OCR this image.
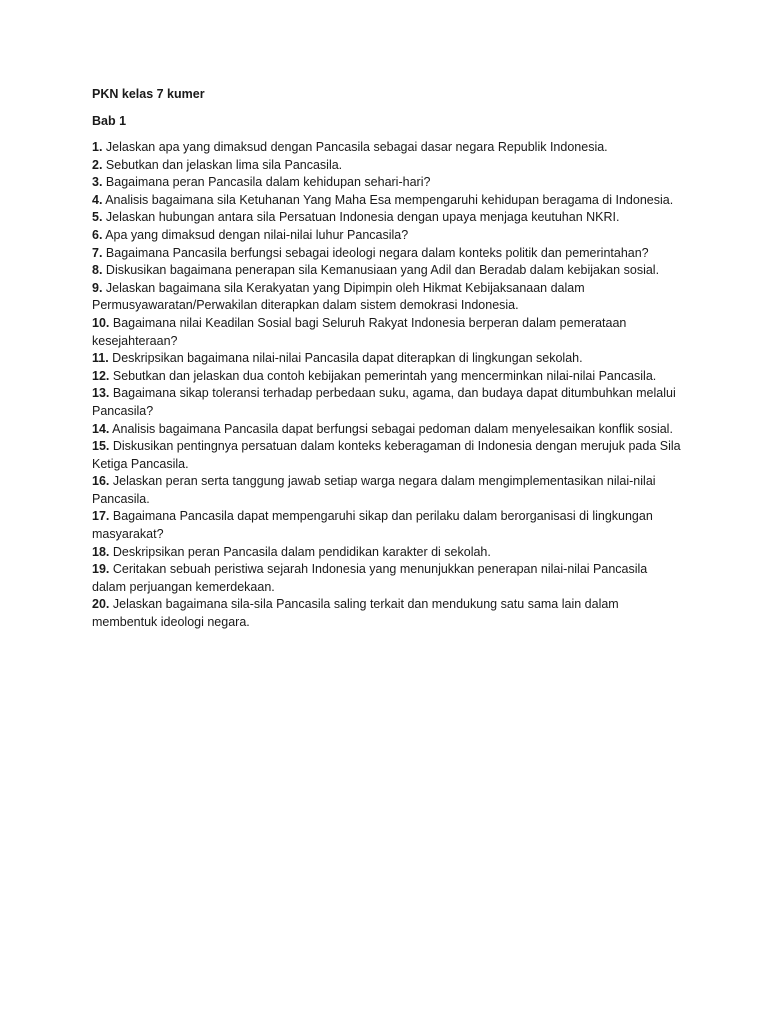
PKN kelas 7 kumer
Bab 1
1. Jelaskan apa yang dimaksud dengan Pancasila sebagai dasar negara Republik Indonesia.
2. Sebutkan dan jelaskan lima sila Pancasila.
3. Bagaimana peran Pancasila dalam kehidupan sehari-hari?
4. Analisis bagaimana sila Ketuhanan Yang Maha Esa mempengaruhi kehidupan beragama di Indonesia.
5. Jelaskan hubungan antara sila Persatuan Indonesia dengan upaya menjaga keutuhan NKRI.
6. Apa yang dimaksud dengan nilai-nilai luhur Pancasila?
7. Bagaimana Pancasila berfungsi sebagai ideologi negara dalam konteks politik dan pemerintahan?
8. Diskusikan bagaimana penerapan sila Kemanusiaan yang Adil dan Beradab dalam kebijakan sosial.
9. Jelaskan bagaimana sila Kerakyatan yang Dipimpin oleh Hikmat Kebijaksanaan dalam Permusyawaratan/Perwakilan diterapkan dalam sistem demokrasi Indonesia.
10. Bagaimana nilai Keadilan Sosial bagi Seluruh Rakyat Indonesia berperan dalam pemerataan kesejahteraan?
11. Deskripsikan bagaimana nilai-nilai Pancasila dapat diterapkan di lingkungan sekolah.
12. Sebutkan dan jelaskan dua contoh kebijakan pemerintah yang mencerminkan nilai-nilai Pancasila.
13. Bagaimana sikap toleransi terhadap perbedaan suku, agama, dan budaya dapat ditumbuhkan melalui Pancasila?
14. Analisis bagaimana Pancasila dapat berfungsi sebagai pedoman dalam menyelesaikan konflik sosial.
15. Diskusikan pentingnya persatuan dalam konteks keberagaman di Indonesia dengan merujuk pada Sila Ketiga Pancasila.
16. Jelaskan peran serta tanggung jawab setiap warga negara dalam mengimplementasikan nilai-nilai Pancasila.
17. Bagaimana Pancasila dapat mempengaruhi sikap dan perilaku dalam berorganisasi di lingkungan masyarakat?
18. Deskripsikan peran Pancasila dalam pendidikan karakter di sekolah.
19. Ceritakan sebuah peristiwa sejarah Indonesia yang menunjukkan penerapan nilai-nilai Pancasila dalam perjuangan kemerdekaan.
20. Jelaskan bagaimana sila-sila Pancasila saling terkait dan mendukung satu sama lain dalam membentuk ideologi negara.
